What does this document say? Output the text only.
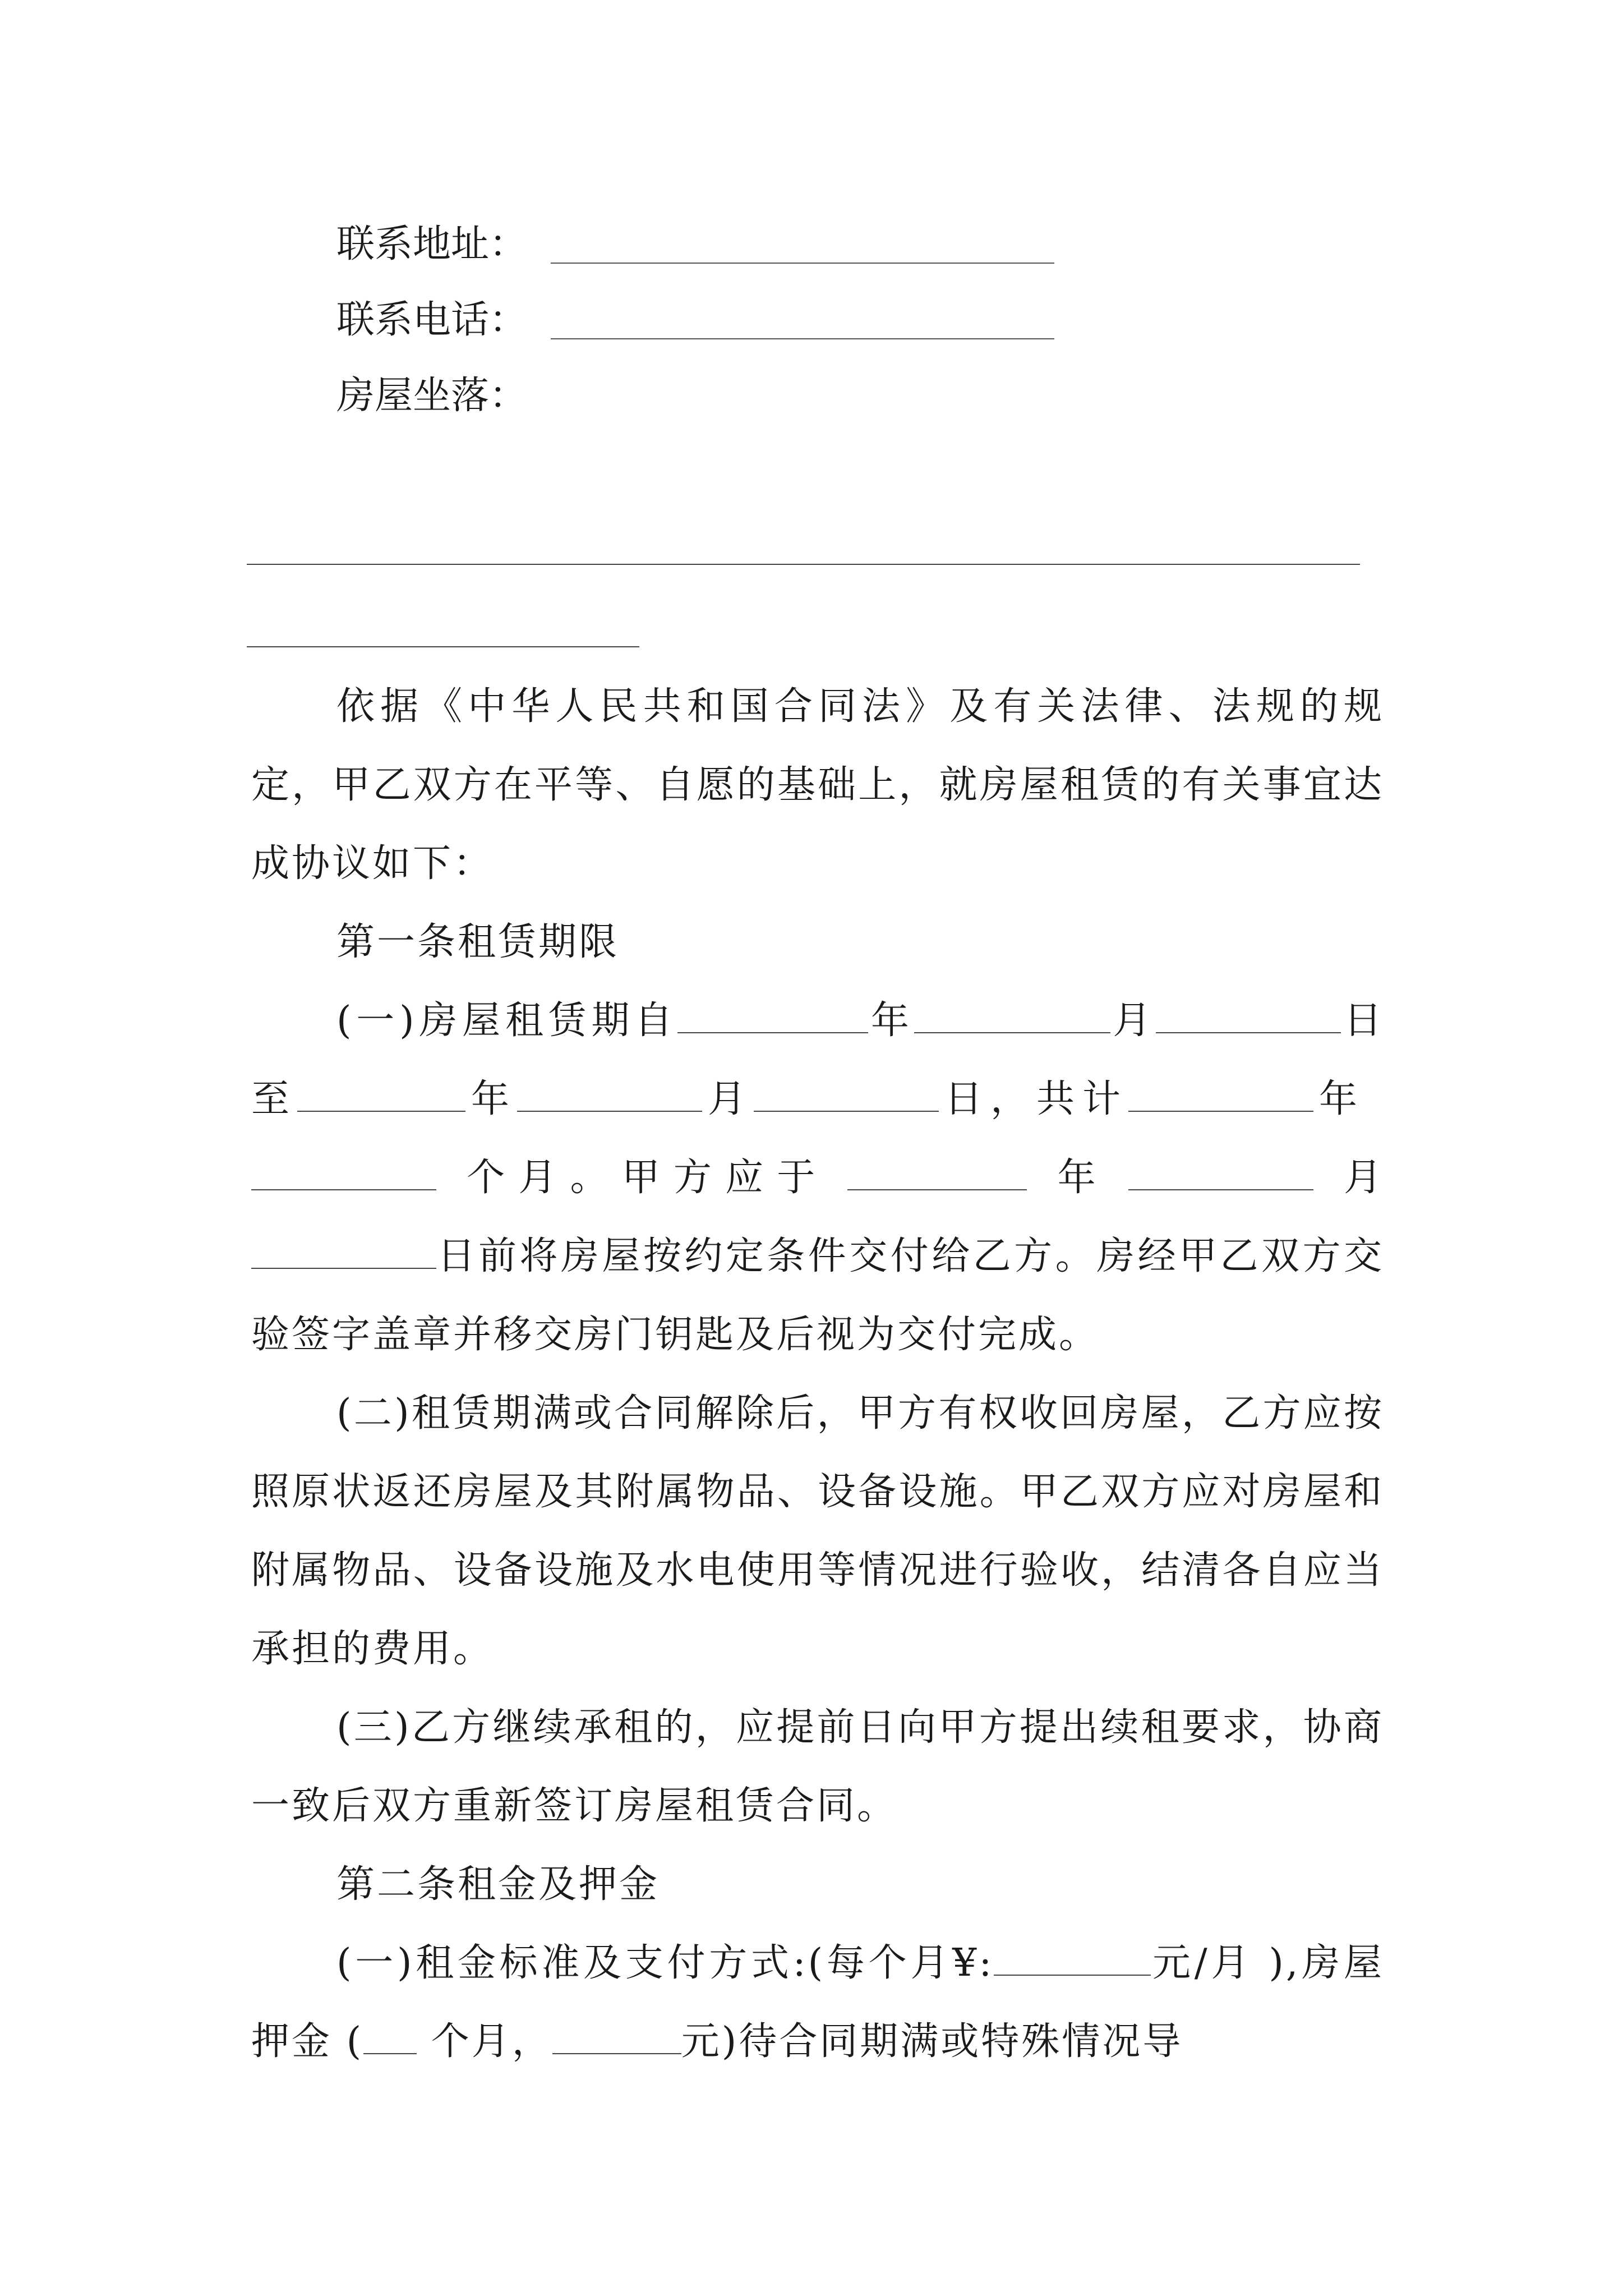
联系地址：
联系电话：
房屋坐落：
依据《中华人民共和国合同法》及有关法律、法规的规定，甲乙双方在平等、自愿的基础上，就房屋租赁的有关事宜达成协议如下：
第一条租赁期限
(一)房屋租赁期自	年	月	日至	年	月	日，共计	年个月。甲方应于	年	月日前将房屋按约定条件交付给乙方。房经甲乙双方交验签字盖章并移交房门钥匙及后视为交付完成。
(二)租赁期满或合同解除后，甲方有权收回房屋，乙方应按照原状返还房屋及其附属物品、设备设施。甲乙双方应对房屋和附属物品、设备设施及水电使用等情况进行验收，结清各自应当承担的费用。
(三)乙方继续承租的，应提前日向甲方提出续租要求，协商一致后双方重新签订房屋租赁合同。
第二条租金及押金
(一)租金标准及支付方式:(每个月¥:	元/月 ),房屋押金 ( 个月，	元)待合同期满或特殊情况导
